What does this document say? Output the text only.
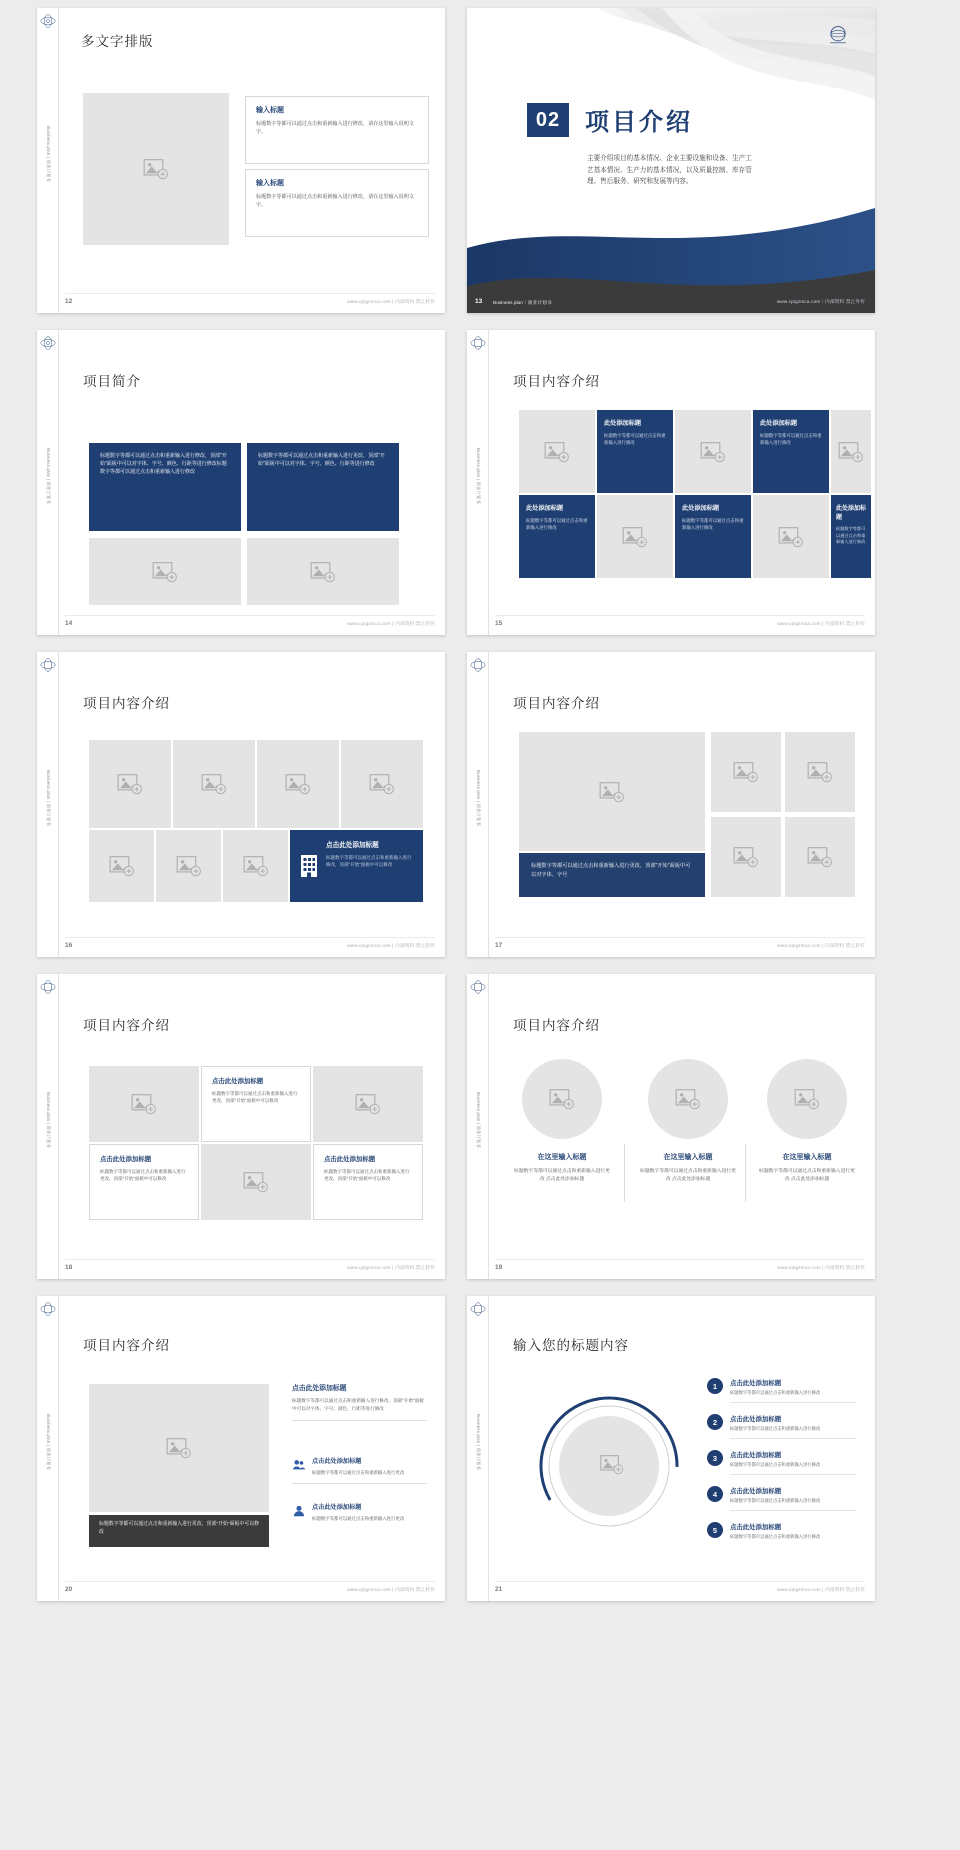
Business plan | 商业计划书
多文字排版
输入标题
标题数字等都可以通过点击和重新输入进行修改，请在这里输入说明文字。
输入标题
标题数字等都可以通过点击和重新输入进行修改，请在这里输入说明文字。
12	www.cpigzmca.com | 内部资料 禁止转传
02	项目介绍
主要介绍项目的基本情况、企业主要设施和设备、生产工艺基本情况、生产力的基本情况，以及质量控制、库存管理、售后服务、研究和发展等内容。
13 Business plan｜商业计划书	www.cpigzmca.com｜内部资料 禁止外传
Business plan | 商业计划书
项目简介
标题数字等都可以通过点击和重新输入进行修改，顶部"开始"面板中可以对字体、字号、颜色、行距等进行修改标题数字等都可以通过点击和重新输入进行修改
标题数字等都可以通过点击和重新输入进行更改，顶部"开始"面板中可以对字体、字号、颜色、行距等进行修改
14	www.cpigzmca.com | 内部资料 禁止转传
Business plan | 商业计划书
项目内容介绍
此处添加标题
标题数字等都可以通过点击和重新输入进行修改
此处添加标题
标题数字等都可以通过点击和重新输入进行修改
此处添加标题
标题数字等都可以通过点击和重新输入进行修改
此处添加标题
标题数字等都可以通过点击和重新输入进行修改
此处添加标题
标题数字等都可以通过点击和重新输入进行修改
15	www.cpigzmca.com | 内部资料 禁止转传
Business plan | 商业计划书
项目内容介绍
点击此处添加标题
标题数字等都可以通过点击和重新输入进行修改，顶部"开始"面板中可以修改
16	www.cpigzmca.com | 内部资料 禁止转传
Business plan | 商业计划书
项目内容介绍
标题数字等都可以通过点击和重新输入进行更改，顶部"开始"面板中可以对字体、字号
17	www.cpigzmca.com | 内部资料 禁止转传
Business plan | 商业计划书
项目内容介绍
点击此处添加标题
标题数字等都可以通过点击和重新输入进行更改，顶部"开始"面板中可以修改
点击此处添加标题
标题数字等都可以通过点击和重新输入进行更改，顶部"开始"面板中可以修改
点击此处添加标题
标题数字等都可以通过点击和重新输入进行更改，顶部"开始"面板中可以修改
18	www.cpigzmca.com | 内部资料 禁止转传
Business plan | 商业计划书
项目内容介绍
在这里输入标题
标题数字等都可以通过点击和重新输入进行更改 点击此处添加标题
在这里输入标题
标题数字等都可以通过点击和重新输入进行更改 点击此处添加标题
在这里输入标题
标题数字等都可以通过点击和重新输入进行更改 点击此处添加标题
19	www.cpigzmca.com | 内部资料 禁止转传
Business plan | 商业计划书
项目内容介绍
标题数字等都可以通过点击和重新输入进行更改，顶部"开始"面板中可以修改
点击此处添加标题
标题数字等都可以通过点击和重新输入进行修改，顶部"开始"面板中可以对字体、字号、颜色、行距等进行修改
点击此处添加标题
标题数字等都可以通过点击和重新输入进行更改
点击此处添加标题
标题数字等都可以通过点击和重新输入进行更改
20	www.cpigzmca.com | 内部资料 禁止转传
Business plan | 商业计划书
输入您的标题内容
1	点击此处添加标题
标题数字等都可以通过点击和重新输入进行修改
2	点击此处添加标题
标题数字等都可以通过点击和重新输入进行修改
3	点击此处添加标题
标题数字等都可以通过点击和重新输入进行修改
4	点击此处添加标题
标题数字等都可以通过点击和重新输入进行修改
5	点击此处添加标题
标题数字等都可以通过点击和重新输入进行修改
21	www.cpigzmca.com | 内部资料 禁止转传
